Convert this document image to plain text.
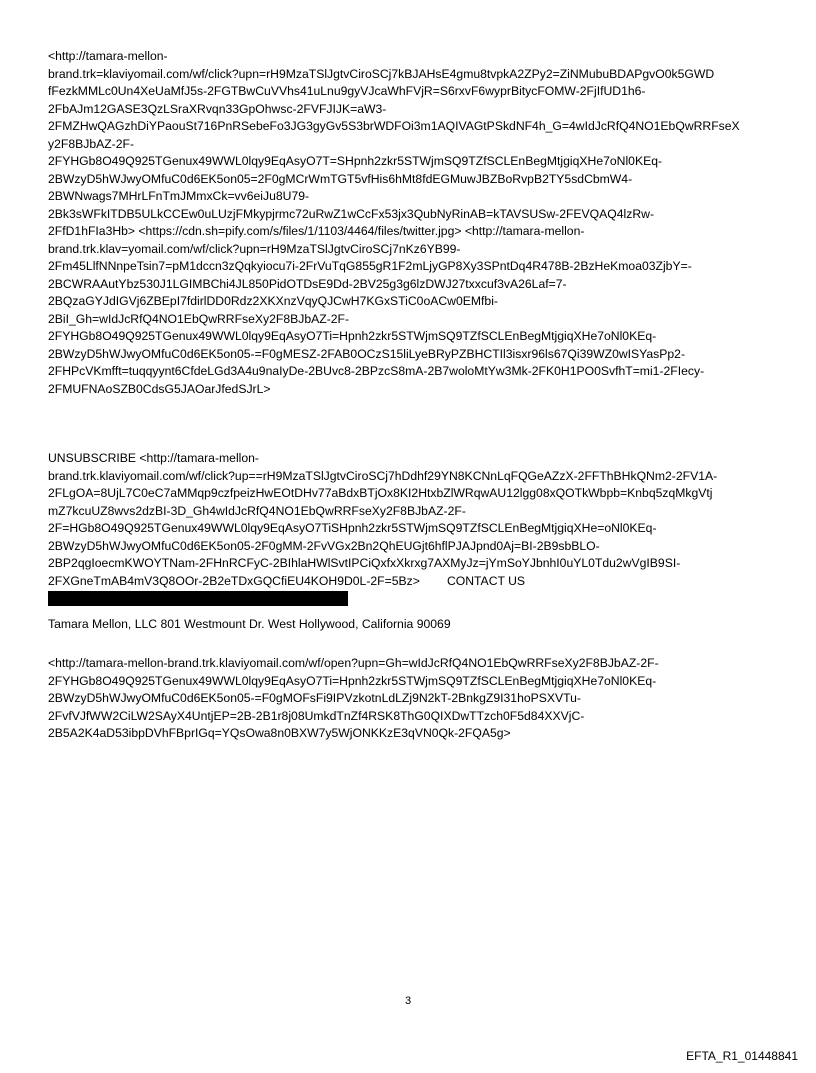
<http://tamara-mellon-
brand.trk=klaviyomail.com/wf/click?upn=rH9MzaTSlJgtvCiroSCj7kBJAHsE4gmu8tvpkA2ZPy2=ZiNMubuBDAPgvO0k5GWD
fFezkMMLc0Un4XeUaMfJ5s-2FGTBwCuVVhs41uLnu9gyVJcaWhFVjR=S6rxvF6wyprBitycFOMW-2FjIfUD1h6-
2FbAJm12GASE3QzLSraXRvqn33GpOhwsc-2FVFJIJK=aW3-
2FMZHwQAGzhDiYPaouSt716PnRSebeFo3JG3gyGv5S3brWDFOi3m1AQIVAGtPSkdNF4h_G=4wIdJcRfQ4NO1EbQwRRFseX
y2F8BJbAZ-2F-
2FYHGb8O49Q925TGenux49WWL0lqy9EqAsyO7T=SHpnh2zkr5STWjmSQ9TZfSCLEnBegMtjgiqXHe7oNl0KEq-
2BWzyD5hWJwyOMfuC0d6EK5on05=2F0gMCrWmTGT5vfHis6hMt8fdEGMuwJBZBoRvpB2TY5sdCbmW4-
2BWNwags7MHrLFnTmJMmxCk=vv6eiJu8U79-
2Bk3sWFkITDB5ULkCCEw0uLUzjFMkypjrmc72uRwZ1wCcFx53jx3QubNyRinAB=kTAVSUSw-2FEVQAQ4lzRw-
2FfD1hFIa3Hb> <https://cdn.sh=pify.com/s/files/1/1103/4464/files/twitter.jpg> <http://tamara-mellon-
brand.trk.klav=yomail.com/wf/click?upn=rH9MzaTSlJgtvCiroSCj7nKz6YB99-
2Fm45LlfNNnpeTsin7=pM1dccn3zQqkyiocu7i-2FrVuTqG855gR1F2mLjyGP8Xy3SPntDq4R478B-2BzHeKmoa03ZjbY=-
2BCWRAAutYbz530J1LGIMBChi4JL850PidOTDsE9Dd-2BV25g3g6lzDWJ27txxcuf3vA26Laf=7-
2BQzaGYJdIGVj6ZBEpI7fdirlDD0Rdz2XKXnzVqyQJCwH7KGxSTiC0oACw0EMfbi-
2BiI_Gh=wIdJcRfQ4NO1EbQwRRFseXy2F8BJbAZ-2F-
2FYHGb8O49Q925TGenux49WWL0lqy9EqAsyO7Ti=Hpnh2zkr5STWjmSQ9TZfSCLEnBegMtjgiqXHe7oNl0KEq-
2BWzyD5hWJwyOMfuC0d6EK5on05-=F0gMESZ-2FAB0OCzS15liLyeBRyPZBHCTIl3isxr96ls67Qi39WZ0wISYasPp2-
2FHPcVKmfft=tuqqyynt6CfdeLGd3A4u9naIyDe-2BUvc8-2BPzcS8mA-2B7woloMtYw3Mk-2FK0H1PO0SvfhT=mi1-2FIecy-
2FMUFNAoSZB0CdsG5JAOarJfedSJrL>
UNSUBSCRIBE <http://tamara-mellon-
brand.trk.klaviyomail.com/wf/click?up==rH9MzaTSlJgtvCiroSCj7hDdhf29YN8KCNnLqFQGeAZzX-2FFThBHkQNm2-2FV1A-
2FLgOA=8UjL7C0eC7aMMqp9czfpeizHwEOtDHv77aBdxBTjOx8KI2HtxbZlWRqwAU12lgg08xQOTkWbpb=Knbq5zqMkgVtj
mZ7kcuUZ8wvs2dzBI-3D_Gh4wIdJcRfQ4NO1EbQwRRFseXy2F8BJbAZ-2F-
2F=HGb8O49Q925TGenux49WWL0lqy9EqAsyO7TiSHpnh2zkr5STWjmSQ9TZfSCLEnBegMtjgiqXHe=oNl0KEq-
2BWzyD5hWJwyOMfuC0d6EK5on05-2F0gMM-2FvVGx2Bn2QhEUGjt6hflPJAJpnd0Aj=BI-2B9sbBLO-
2BP2qgIoecmKWOYTNam-2FHnRCFyC-2BIhlaHWlSvtIPCiQxfxXkrxg7AXMyJz=jYmSoYJbnhI0uYL0Tdu2wVgIB9SI-
2FXGneTmAB4mV3Q8OOr-2B2eTDxGQCfiEU4KOH9D0L-2F=5Bz> CONTACT US
Tamara Mellon, LLC 801 Westmount Dr. West Hollywood, California 90069
<http://tamara-mellon-brand.trk.klaviyomail.com/wf/open?upn=Gh=wIdJcRfQ4NO1EbQwRRFseXy2F8BJbAZ-2F-
2FYHGb8O49Q925TGenux49WWL0lqy9EqAsyO7Ti=Hpnh2zkr5STWjmSQ9TZfSCLEnBegMtjgiqXHe7oNl0KEq-
2BWzyD5hWJwyOMfuC0d6EK5on05-=F0gMOFsFi9IPVzkotnLdLZj9N2kT-2BnkgZ9I31hoPSXVTu-
2FvfVJfWW2CiLW2SAyX4UntjEP=2B-2B1r8j08UmkdTnZf4RSK8ThG0QIXDwTTzch0F5d84XXVjC-
2B5A2K4aD53ibpDVhFBprIGq=YQsOwa8n0BXW7y5WjONKKzE3qVN0Qk-2FQA5g>
3
EFTA_R1_01448841
